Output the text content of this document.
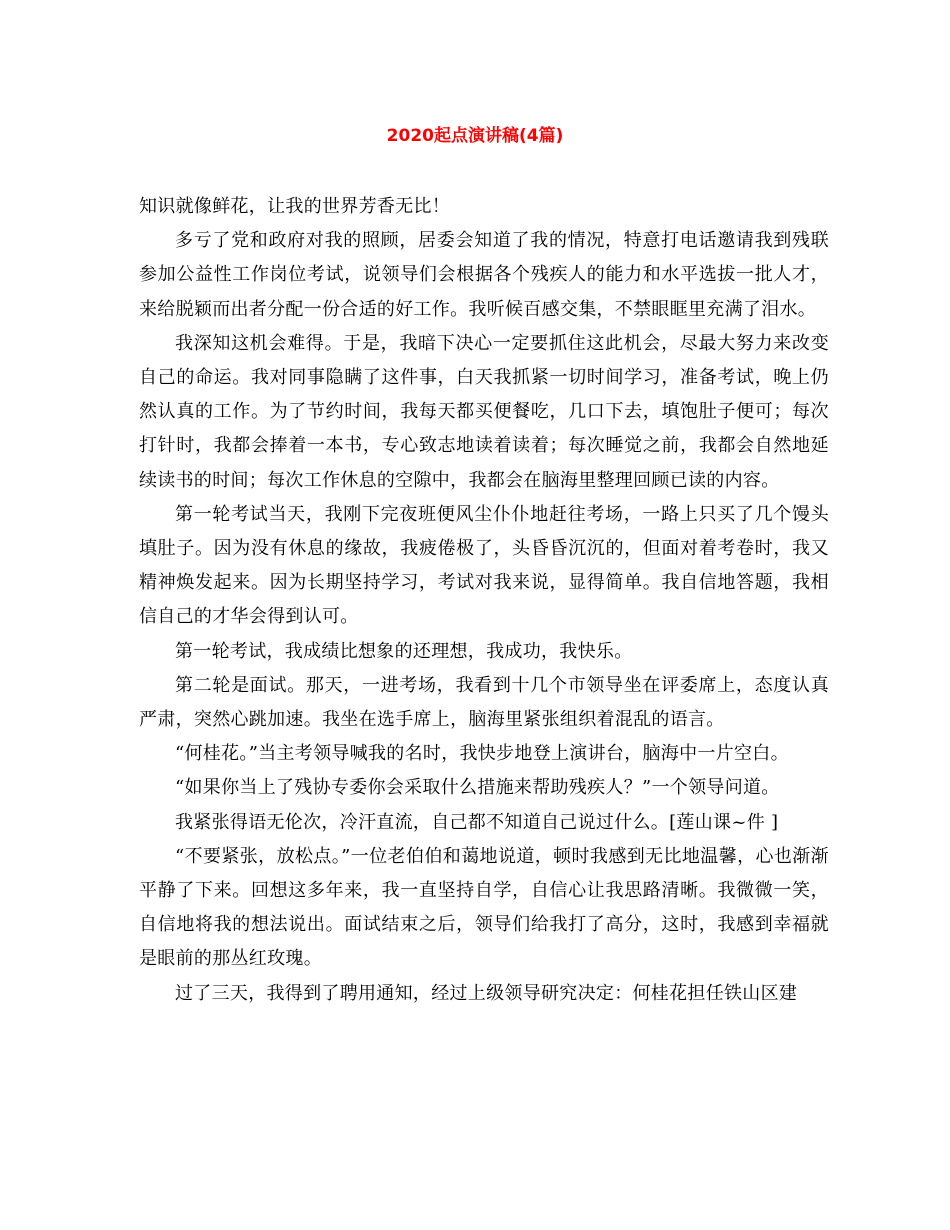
2020起点演讲稿(4篇)

知识就像鲜花，让我的世界芳香无比！

多亏了党和政府对我的照顾，居委会知道了我的情况，特意打电话邀请我到残联参加公益性工作岗位考试，说领导们会根据各个残疾人的能力和水平选拔一批人才，来给脱颖而出者分配一份合适的好工作。我听候百感交集，不禁眼眶里充满了泪水。

我深知这机会难得。于是，我暗下决心一定要抓住这此机会，尽最大努力来改变自己的命运。我对同事隐瞒了这件事，白天我抓紧一切时间学习，准备考试，晚上仍然认真的工作。为了节约时间，我每天都买便餐吃，几口下去，填饱肚子便可；每次打针时，我都会捧着一本书，专心致志地读着读着；每次睡觉之前，我都会自然地延续读书的时间；每次工作休息的空隙中，我都会在脑海里整理回顾已读的内容。

第一轮考试当天，我刚下完夜班便风尘仆仆地赶往考场，一路上只买了几个馒头填肚子。因为没有休息的缘故，我疲倦极了，头昏昏沉沉的，但面对着考卷时，我又精神焕发起来。因为长期坚持学习，考试对我来说，显得简单。我自信地答题，我相信自己的才华会得到认可。

第一轮考试，我成绩比想象的还理想，我成功，我快乐。

第二轮是面试。那天，一进考场，我看到十几个市领导坐在评委席上，态度认真严肃，突然心跳加速。我坐在选手席上，脑海里紧张组织着混乱的语言。

“何桂花。”当主考领导喊我的名时，我快步地登上演讲台，脑海中一片空白。

“如果你当上了残协专委你会采取什么措施来帮助残疾人？”一个领导问道。

我紧张得语无伦次，冷汗直流，自己都不知道自己说过什么。[莲山课~件 ]

“不要紧张，放松点。”一位老伯伯和蔼地说道，顿时我感到无比地温馨，心也渐渐平静了下来。回想这多年来，我一直坚持自学，自信心让我思路清晰。我微微一笑，自信地将我的想法说出。面试结束之后，领导们给我打了高分，这时，我感到幸福就是眼前的那丛红玫瑰。

过了三天，我得到了聘用通知，经过上级领导研究决定：何桂花担任铁山区建
